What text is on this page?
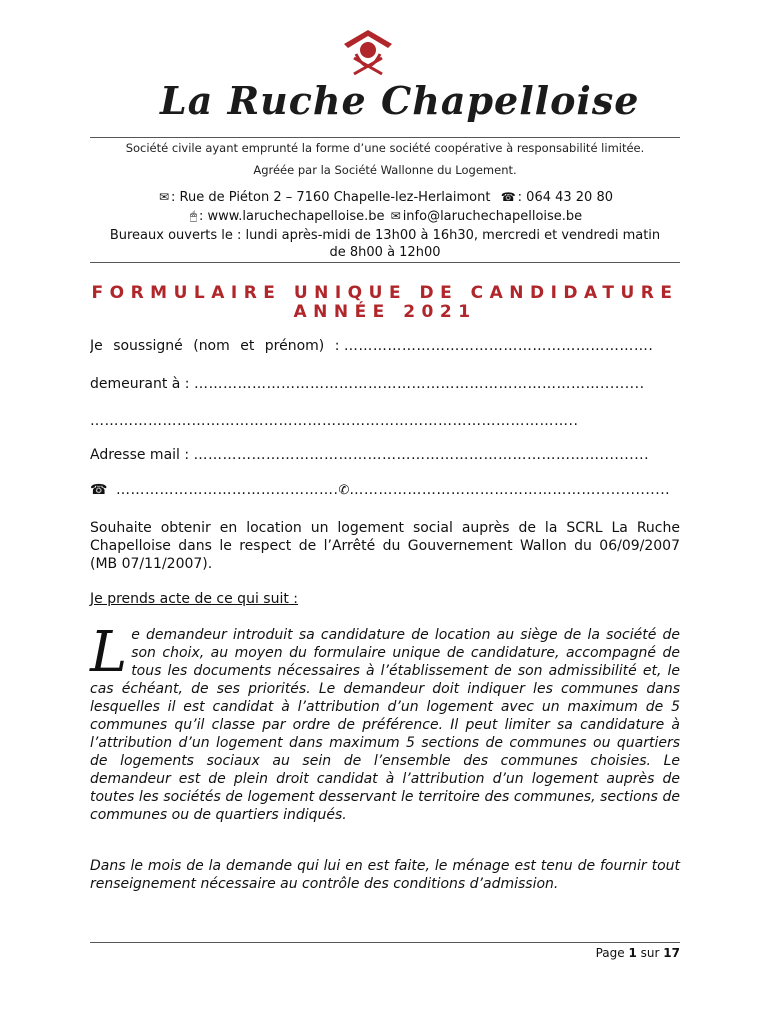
La Ruche Chapelloise
Société civile ayant emprunté la forme d’une société coopérative à responsabilité limitée.
Agréée par la Société Wallonne du Logement.
✉ : Rue de Piéton 2 – 7160 Chapelle-lez-Herlaimont ☎ : 064 43 20 80
🖱 : www.laruchechapelloise.be ✉ info@laruchechapelloise.be
Bureaux ouverts le : lundi après-midi de 13h00 à 16h30, mercredi et vendredi matin
de 8h00 à 12h00
FORMULAIRE UNIQUE DE CANDIDATURE
ANNÉE 2021
Je soussigné (nom et prénom) : ……………………………………………………….
demeurant à : ………………………………………………………………………….........
………………………………………………………………………………………..
Adresse mail : …………………………………………………………………………..........
☎ ……………………………………….✆……………………………………………...............
Souhaite obtenir en location un logement social auprès de la SCRL La Ruche Chapelloise dans le respect de l’Arrêté du Gouvernement Wallon du 06/09/2007 (MB 07/11/2007).
Je prends acte de ce qui suit :
Le demandeur introduit sa candidature de location au siège de la société de son choix, au moyen du formulaire unique de candidature, accompagné de tous les documents nécessaires à l’établissement de son admissibilité et, le cas échéant, de ses priorités. Le demandeur doit indiquer les communes dans lesquelles il est candidat à l’attribution d’un logement avec un maximum de 5 communes qu’il classe par ordre de préférence. Il peut limiter sa candidature à l’attribution d’un logement dans maximum 5 sections de communes ou quartiers de logements sociaux au sein de l’ensemble des communes choisies. Le demandeur est de plein droit candidat à l’attribution d’un logement auprès de toutes les sociétés de logement desservant le territoire des communes, sections de communes ou de quartiers indiqués.
Dans le mois de la demande qui lui en est faite, le ménage est tenu de fournir tout renseignement nécessaire au contrôle des conditions d’admission.
Page 1 sur 17
